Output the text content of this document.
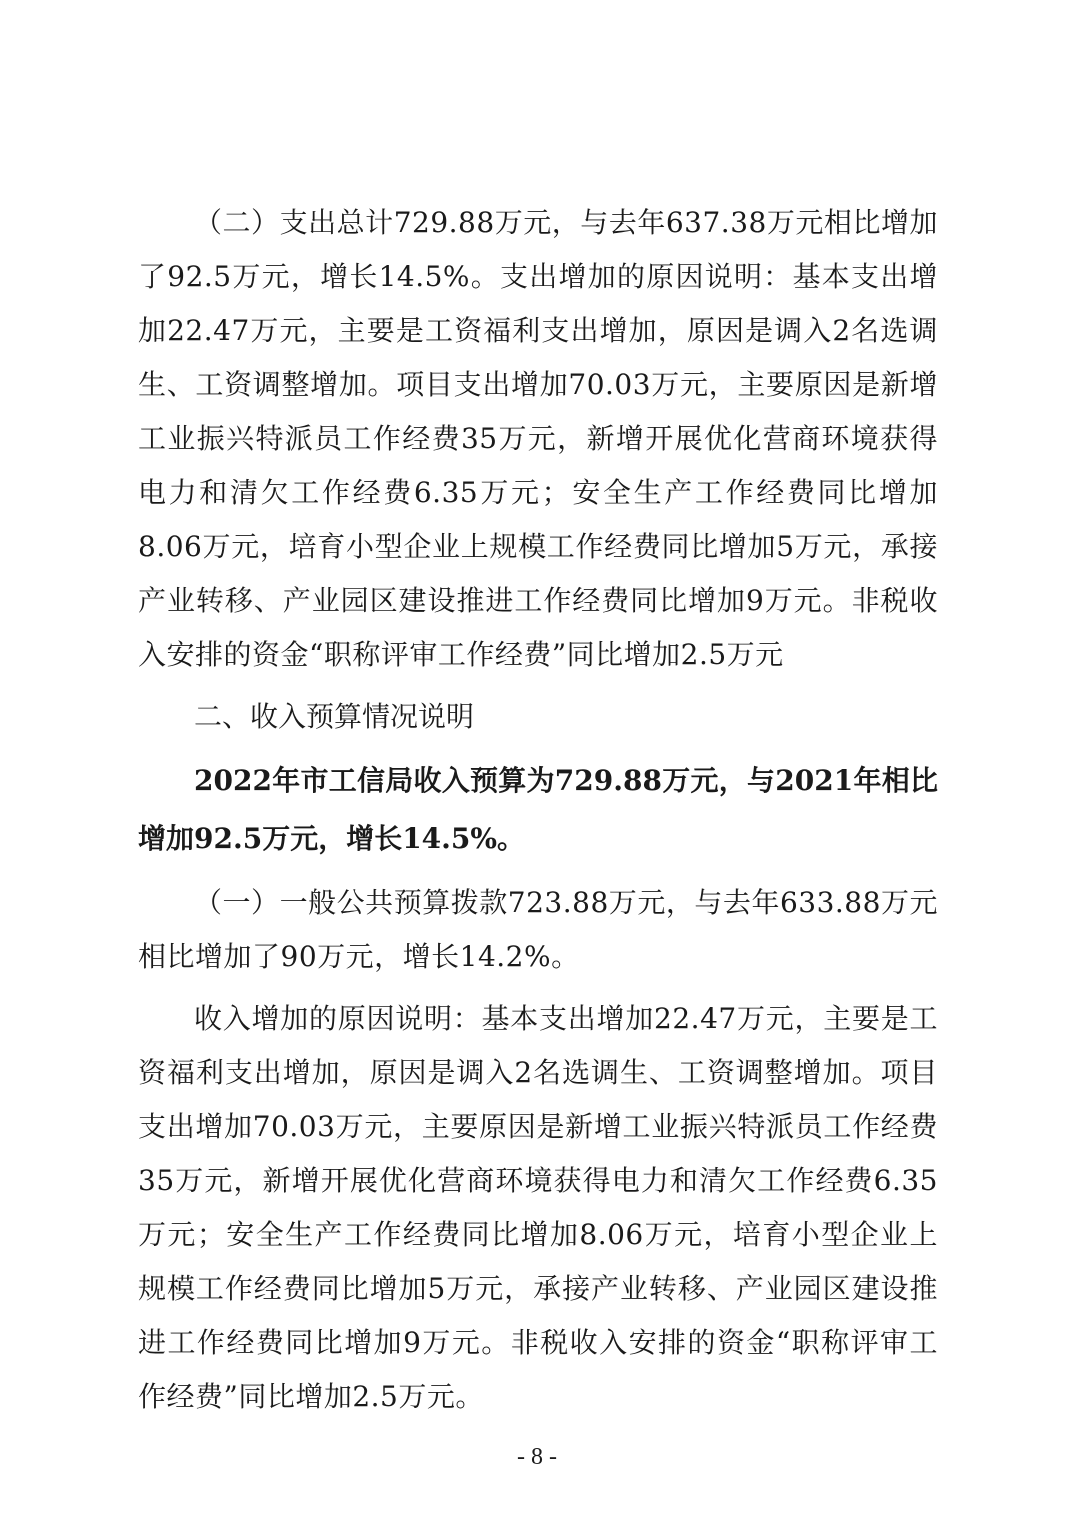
（二）支出总计729.88万元，与去年637.38万元相比增加了92.5万元，增长14.5%。支出增加的原因说明：基本支出增加22.47万元，主要是工资福利支出增加，原因是调入2名选调生、工资调整增加。项目支出增加70.03万元，主要原因是新增工业振兴特派员工作经费35万元，新增开展优化营商环境获得电力和清欠工作经费6.35万元；安全生产工作经费同比增加8.06万元，培育小型企业上规模工作经费同比增加5万元，承接产业转移、产业园区建设推进工作经费同比增加9万元。非税收入安排的资金“职称评审工作经费”同比增加2.5万元

二、收入预算情况说明

2022年市工信局收入预算为729.88万元，与2021年相比增加92.5万元，增长14.5%。

（一）一般公共预算拨款723.88万元，与去年633.88万元相比增加了90万元，增长14.2%。

收入增加的原因说明：基本支出增加22.47万元，主要是工资福利支出增加，原因是调入2名选调生、工资调整增加。项目支出增加70.03万元，主要原因是新增工业振兴特派员工作经费35万元，新增开展优化营商环境获得电力和清欠工作经费6.35万元；安全生产工作经费同比增加8.06万元，培育小型企业上规模工作经费同比增加5万元，承接产业转移、产业园区建设推进工作经费同比增加9万元。非税收入安排的资金“职称评审工作经费”同比增加2.5万元。

- 8 -
